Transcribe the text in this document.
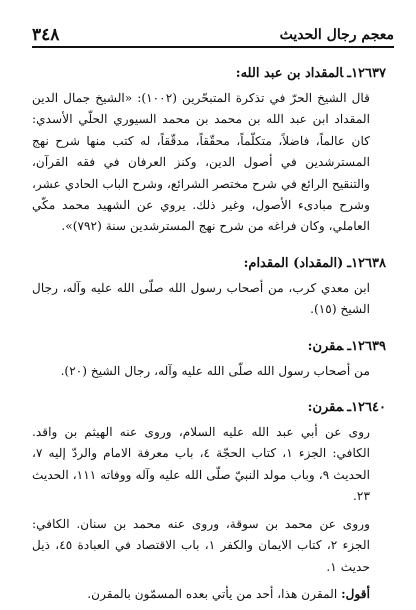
معجم رجال الحديث
٣٤٨

١٢٦٣٧ـالمقداد بن عبد الله:

قال الشيخ الحرّ في تذكرة المتبحّرين (١٠٠٢): «الشيخ جمال الدين المقداد ابن عبد الله بن محمد بن محمد السيوري الحلّي الأسدي: كان عالماً، فاضلاً، متكلّماً، محقّقاً، مدقّقاً، له كتب منها شرح نهج المسترشدين في أصول الدين، وكنز العرفان في فقه القرآن، والتنقيح الرائع في شرح مختصر الشرائع، وشرح الباب الحادي عشر، وشرح مبادىء الأصول، وغير ذلك. يروي عن الشهيد محمد مكّي العاملي، وكان فراغه من شرح نهج المسترشدين سنة (٧٩٢)».

١٢٦٣٨ـ(المقداد) المقدام:

ابن معدي كرب، من أصحاب رسول الله صلّى الله عليه وآله، رجال الشيخ (١٥).

١٢٦٣٩ـمقرن:

من أصحاب رسول الله صلّى الله عليه وآله، رجال الشيخ (٢٠).

١٢٦٤٠ـمقرن:

روى عن أبي عبد الله عليه السلام، وروى عنه الهيثم بن واقد. الكافي: الجزء ١، كتاب الحجّة ٤، باب معرفة الامام والردّ إليه ٧، الحديث ٩، وباب مولد النبيّ صلّى الله عليه وآله ووفاته ١١١، الحديث ٢٣.

وروى عن محمد بن سوقة، وروى عنه محمد بن سنان. الكافي: الجزء ٢، كتاب الايمان والكفر ١، باب الاقتصاد في العبادة ٤٥، ذيل حديث ١.

أقول: المقرن هذا، أحد من يأتي بعده المسمّون بالمقرن.
